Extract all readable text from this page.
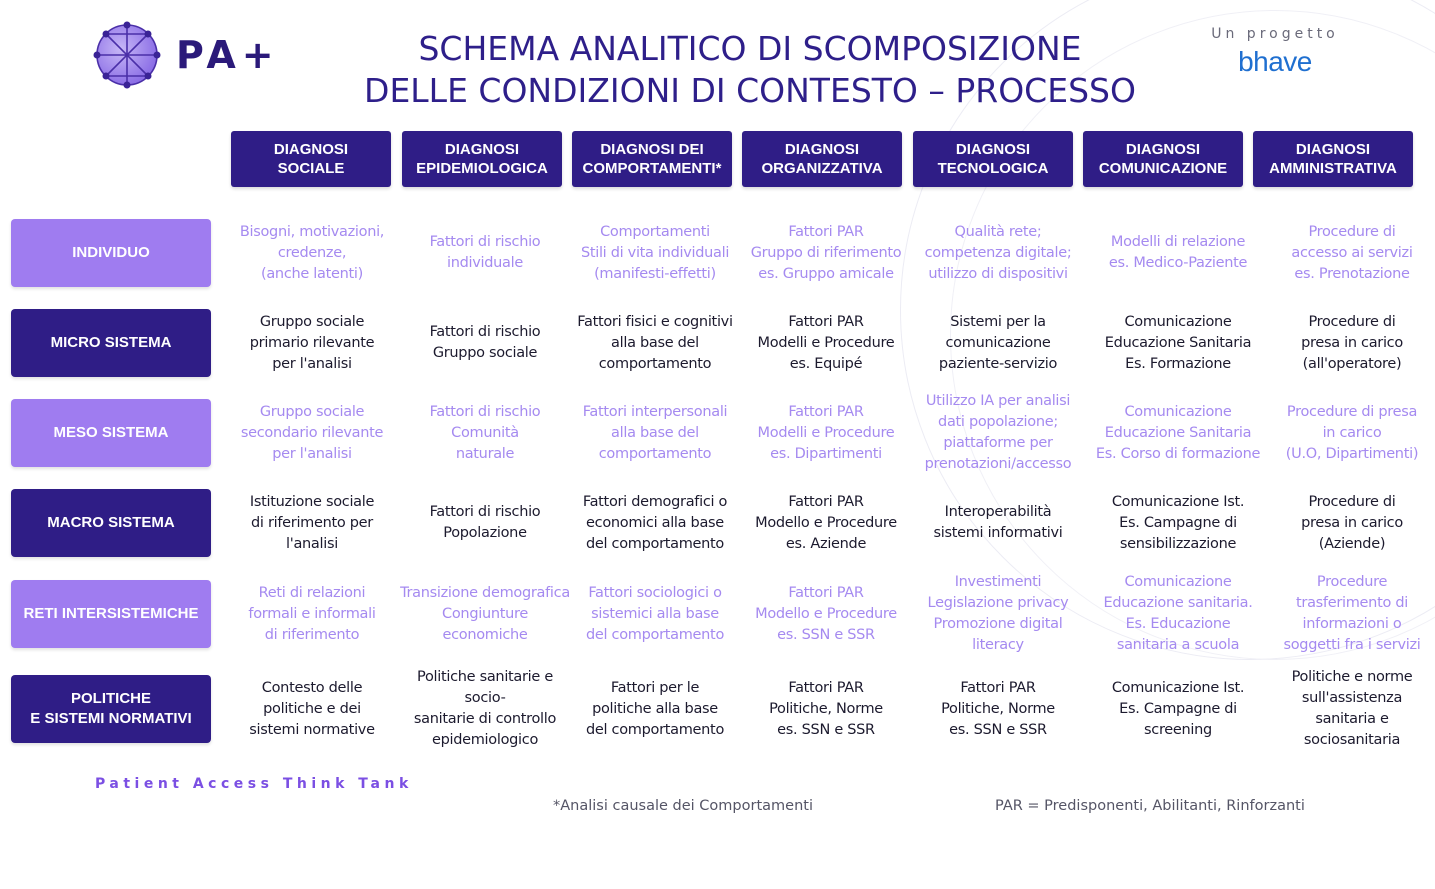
PA+	SCHEMA ANALITICO DI SCOMPOSIZIONE
DELLE CONDIZIONI DI CONTESTO – PROCESSO
Un progetto
bhave
DIAGNOSI
SOCIALE
DIAGNOSI
EPIDEMIOLOGICA
DIAGNOSI DEI
COMPORTAMENTI*
DIAGNOSI
ORGANIZZATIVA
DIAGNOSI
TECNOLOGICA
DIAGNOSI
COMUNICAZIONE
DIAGNOSI
AMMINISTRATIVA
INDIVIDUO
Bisogni, motivazioni,
credenze,
(anche latenti)
Fattori di rischio
individuale
Comportamenti
Stili di vita individuali
(manifesti-effetti)
Fattori PAR
Gruppo di riferimento
es. Gruppo amicale
Qualità rete;
competenza digitale;
utilizzo di dispositivi
Modelli di relazione
es. Medico-Paziente
Procedure di
accesso ai servizi
es. Prenotazione
MICRO SISTEMA
Gruppo sociale
primario rilevante
per l'analisi
Fattori di rischio
Gruppo sociale
Fattori fisici e cognitivi
alla base del
comportamento
Fattori PAR
Modelli e Procedure
es. Equipé
Sistemi per la
comunicazione
paziente-servizio
Comunicazione
Educazione Sanitaria
Es. Formazione
Procedure di
presa in carico
(all'operatore)
MESO SISTEMA
Gruppo sociale
secondario rilevante
per l'analisi
Fattori di rischio
Comunità
naturale
Fattori interpersonali
alla base del
comportamento
Fattori PAR
Modelli e Procedure
es. Dipartimenti
Utilizzo IA per analisi
dati popolazione;
piattaforme per
prenotazioni/accesso
Comunicazione
Educazione Sanitaria
Es. Corso di formazione
Procedure di presa
in carico
(U.O, Dipartimenti)
MACRO SISTEMA
Istituzione sociale
di riferimento per
l'analisi
Fattori di rischio
Popolazione
Fattori demografici o
economici alla base
del comportamento
Fattori PAR
Modello e Procedure
es. Aziende
Interoperabilità
sistemi informativi
Comunicazione Ist.
Es. Campagne di
sensibilizzazione
Procedure di
presa in carico
(Aziende)
RETI INTERSISTEMICHE
Reti di relazioni
formali e informali
di riferimento
Transizione demografica
Congiunture
economiche
Fattori sociologici o
sistemici alla base
del comportamento
Fattori PAR
Modello e Procedure
es. SSN e SSR
Investimenti
Legislazione privacy
Promozione digital
literacy
Comunicazione
Educazione sanitaria.
Es. Educazione
sanitaria a scuola
Procedure
trasferimento di
informazioni o
soggetti fra i servizi
POLITICHE
E SISTEMI NORMATIVI
Contesto delle
politiche e dei
sistemi normative
Politiche sanitarie e socio-
sanitarie di controllo
epidemiologico
Fattori per le
politiche alla base
del comportamento
Fattori PAR
Politiche, Norme
es. SSN e SSR
Fattori PAR
Politiche, Norme
es. SSN e SSR
Comunicazione Ist.
Es. Campagne di
screening
Politiche e norme
sull'assistenza
sanitaria e
sociosanitaria
Patient Access Think Tank
*Analisi causale dei Comportamenti	PAR = Predisponenti, Abilitanti, Rinforzanti
